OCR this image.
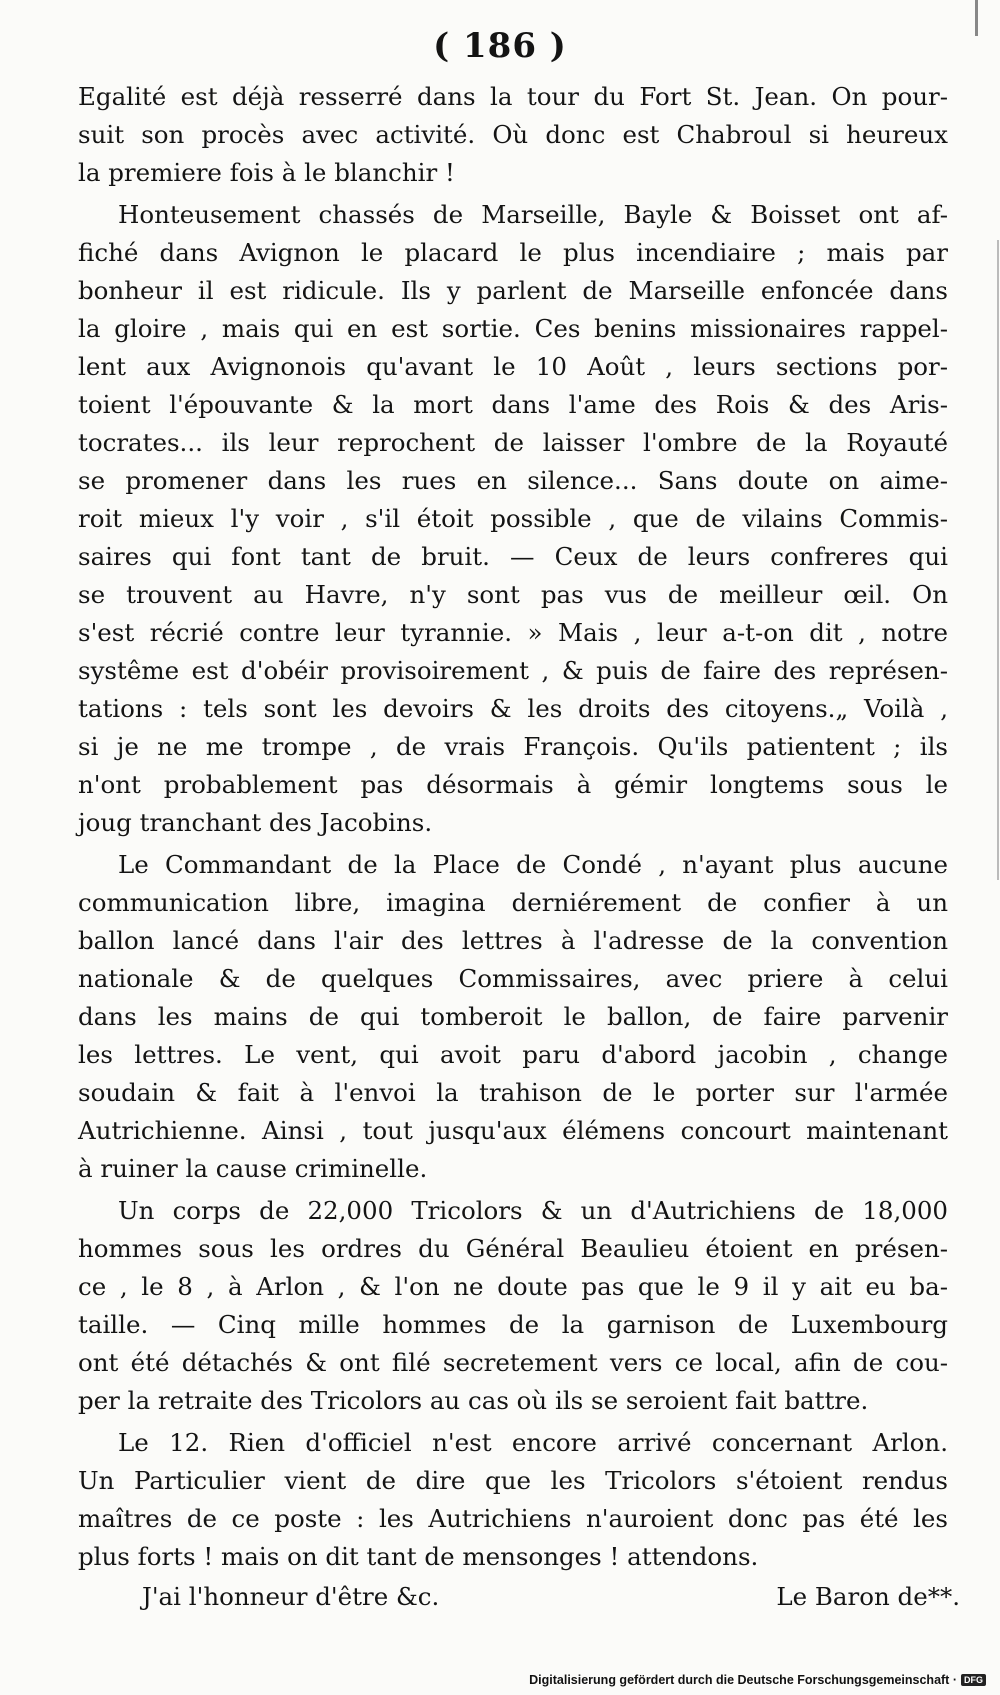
( 186 )
Egalité est déjà resserré dans la tour du Fort St. Jean. On pour-
suit son procès avec activité. Où donc est Chabroul si heureux
la premiere fois à le blanchir !
Honteusement chassés de Marseille, Bayle & Boisset ont af-
fiché dans Avignon le placard le plus incendiaire ; mais par
bonheur il est ridicule. Ils y parlent de Marseille enfoncée dans
la gloire , mais qui en est sortie. Ces benins missionaires rappel-
lent aux Avignonois qu'avant le 10 Août , leurs sections por-
toient l'épouvante & la mort dans l'ame des Rois & des Aris-
tocrates... ils leur reprochent de laisser l'ombre de la Royauté
se promener dans les rues en silence... Sans doute on aime-
roit mieux l'y voir , s'il étoit possible , que de vilains Commis-
saires qui font tant de bruit. — Ceux de leurs confreres qui
se trouvent au Havre, n'y sont pas vus de meilleur œil. On
s'est récrié contre leur tyrannie. » Mais , leur a-t-on dit , notre
systême est d'obéir provisoirement , & puis de faire des représen-
tations : tels sont les devoirs & les droits des citoyens.„ Voilà ,
si je ne me trompe , de vrais François. Qu'ils patientent ; ils
n'ont probablement pas désormais à gémir longtems sous le
joug tranchant des Jacobins.
Le Commandant de la Place de Condé , n'ayant plus aucune
communication libre, imagina derniérement de confier à un
ballon lancé dans l'air des lettres à l'adresse de la convention
nationale & de quelques Commissaires, avec priere à celui
dans les mains de qui tomberoit le ballon, de faire parvenir
les lettres. Le vent, qui avoit paru d'abord jacobin , change
soudain & fait à l'envoi la trahison de le porter sur l'armée
Autrichienne. Ainsi , tout jusqu'aux élémens concourt maintenant
à ruiner la cause criminelle.
Un corps de 22,000 Tricolors & un d'Autrichiens de 18,000
hommes sous les ordres du Général Beaulieu étoient en présen-
ce , le 8 , à Arlon , & l'on ne doute pas que le 9 il y ait eu ba-
taille. — Cinq mille hommes de la garnison de Luxembourg
ont été détachés & ont filé secretement vers ce local, afin de cou-
per la retraite des Tricolors au cas où ils se seroient fait battre.
Le 12. Rien d'officiel n'est encore arrivé concernant Arlon.
Un Particulier vient de dire que les Tricolors s'étoient rendus
maîtres de ce poste : les Autrichiens n'auroient donc pas été les
plus forts ! mais on dit tant de mensonges ! attendons.
J'ai l'honneur d'être &c.	Le Baron de**.
Digitalisierung gefördert durch die Deutsche Forschungsgemeinschaft · DFG
